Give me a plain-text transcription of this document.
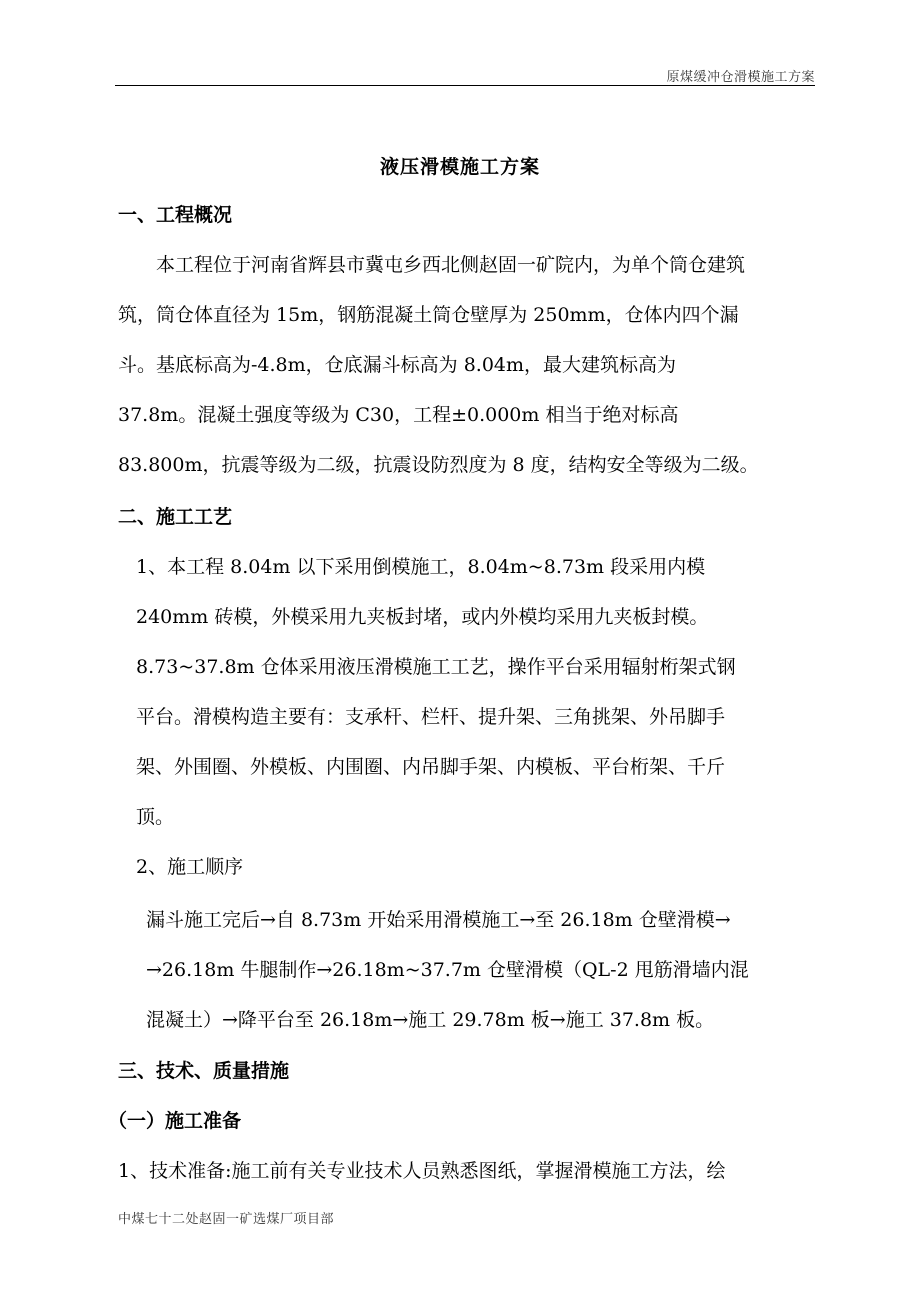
原煤缓冲仓滑模施工方案
液压滑模施工方案
一、工程概况
本工程位于河南省辉县市冀屯乡西北侧赵固一矿院内，为单个筒仓建筑
筑，筒仓体直径为 15m，钢筋混凝土筒仓壁厚为 250mm，仓体内四个漏
斗。基底标高为-4.8m，仓底漏斗标高为 8.04m，最大建筑标高为
37.8m。混凝土强度等级为 C30，工程±0.000m 相当于绝对标高
83.800m，抗震等级为二级，抗震设防烈度为 8 度，结构安全等级为二级。
二、施工工艺
1、本工程 8.04m 以下采用倒模施工，8.04m~8.73m 段采用内模
240mm 砖模，外模采用九夹板封堵，或内外模均采用九夹板封模。
8.73~37.8m 仓体采用液压滑模施工工艺，操作平台采用辐射桁架式钢
平台。滑模构造主要有：支承杆、栏杆、提升架、三角挑架、外吊脚手
架、外围圈、外模板、内围圈、内吊脚手架、内模板、平台桁架、千斤
顶。
2、施工顺序
漏斗施工完后→自 8.73m 开始采用滑模施工→至 26.18m 仓壁滑模→
→26.18m 牛腿制作→26.18m~37.7m 仓壁滑模（QL-2 甩筋滑墙内混
混凝土）→降平台至 26.18m→施工 29.78m 板→施工 37.8m 板。
三、技术、质量措施
（一）施工准备
1、技术准备:施工前有关专业技术人员熟悉图纸，掌握滑模施工方法，绘
中煤七十二处赵固一矿选煤厂项目部
